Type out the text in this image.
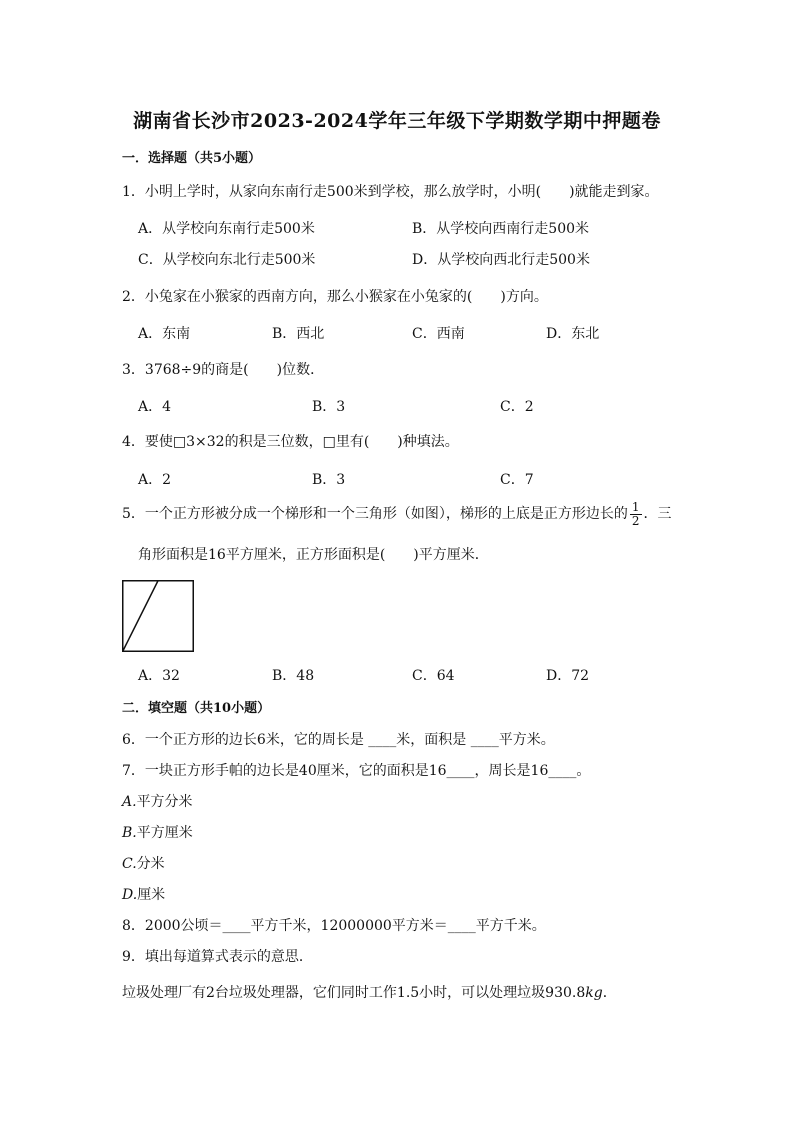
湖南省长沙市2023-2024学年三年级下学期数学期中押题卷
一．选择题（共5小题）
1．小明上学时，从家向东南行走500米到学校，那么放学时，小明(　　)就能走到家。
A．从学校向东南行走500米	B．从学校向西南行走500米
C．从学校向东北行走500米	D．从学校向西北行走500米
2．小兔家在小猴家的西南方向，那么小猴家在小兔家的(　　)方向。
A．东南	B．西北	C．西南	D．东北
3．3768÷9的商是(　　)位数．
A．4	B．3	C．2
4．要使□3×32的积是三位数，□里有(　　)种填法。
A．2	B．3	C．7
5．一个正方形被分成一个梯形和一个三角形（如图），梯形的上底是正方形边长的 $\frac{1}{2}$ ．三
角形面积是16平方厘米，正方形面积是(　　)平方厘米．
A．32	B．48	C．64	D．72
二．填空题（共10小题）
6．一个正方形的边长6米，它的周长是 ____米，面积是 ____平方米。
7．一块正方形手帕的边长是40厘米，它的面积是16____，周长是16____。
A.平方分米
B.平方厘米
C.分米
D.厘米
8．2000公顷＝____平方千米，12000000平方米＝____平方千米。
9．填出每道算式表示的意思．
垃圾处理厂有2台垃圾处理器，它们同时工作1.5小时，可以处理垃圾930.8kg．
